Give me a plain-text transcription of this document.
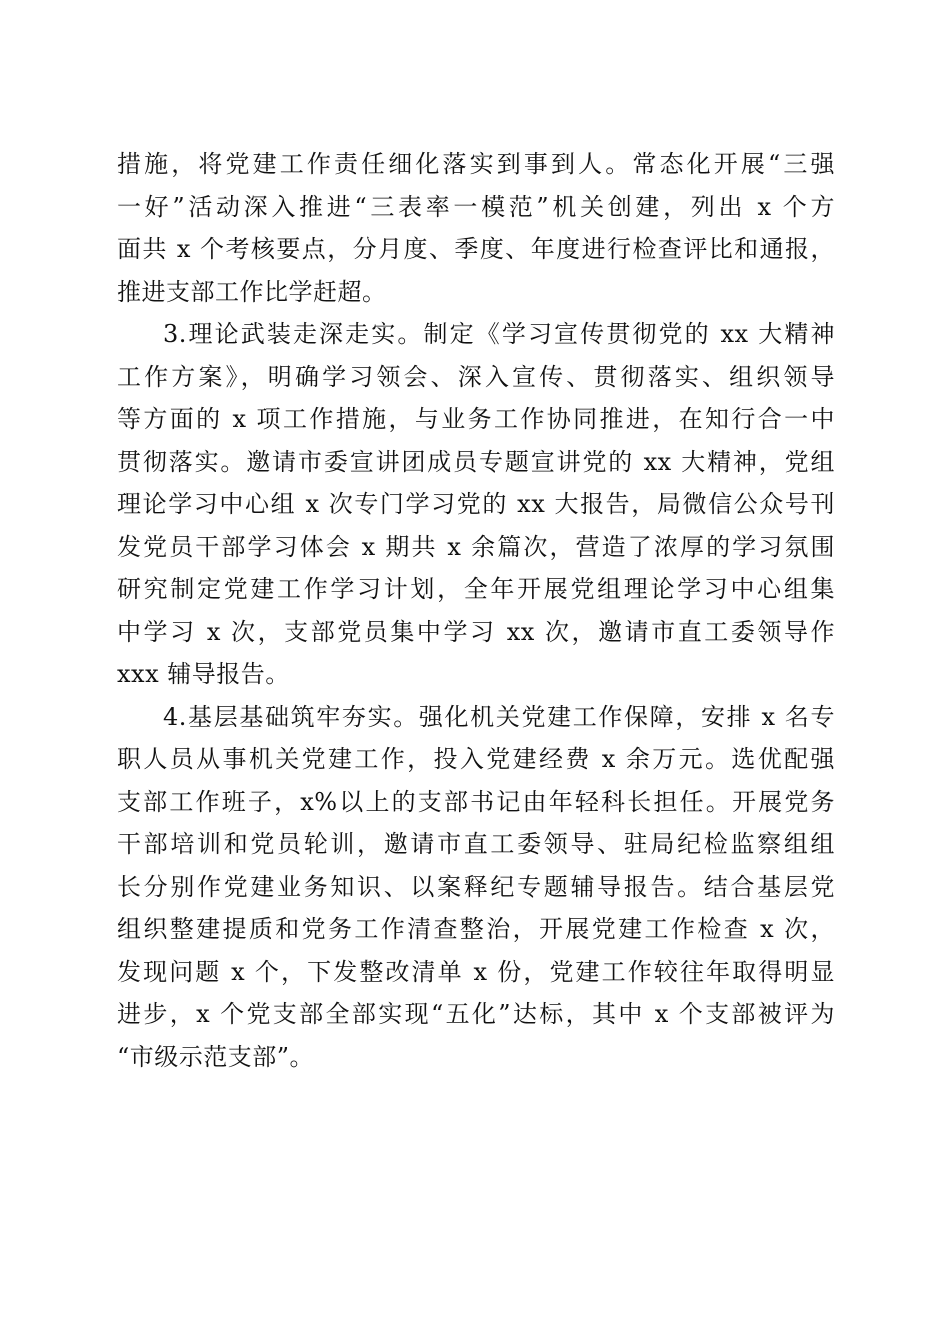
措施，将党建工作责任细化落实到事到人。常态化开展“三强
一好”活动深入推进“三表率一模范”机关创建，列出 x 个方
面共 x 个考核要点，分月度、季度、年度进行检查评比和通报，
推进支部工作比学赶超。
3.理论武装走深走实。制定《学习宣传贯彻党的 xx 大精神
工作方案》，明确学习领会、深入宣传、贯彻落实、组织领导
等方面的 x 项工作措施，与业务工作协同推进，在知行合一中
贯彻落实。邀请市委宣讲团成员专题宣讲党的 xx 大精神，党组
理论学习中心组 x 次专门学习党的 xx 大报告，局微信公众号刊
发党员干部学习体会 x 期共 x 余篇次，营造了浓厚的学习氛围
研究制定党建工作学习计划，全年开展党组理论学习中心组集
中学习 x 次，支部党员集中学习 xx 次，邀请市直工委领导作
xxx 辅导报告。
4.基层基础筑牢夯实。强化机关党建工作保障，安排 x 名专
职人员从事机关党建工作，投入党建经费 x 余万元。选优配强
支部工作班子，x%以上的支部书记由年轻科长担任。开展党务
干部培训和党员轮训，邀请市直工委领导、驻局纪检监察组组
长分别作党建业务知识、以案释纪专题辅导报告。结合基层党
组织整建提质和党务工作清查整治，开展党建工作检查 x 次，
发现问题 x 个，下发整改清单 x 份，党建工作较往年取得明显
进步，x 个党支部全部实现“五化”达标，其中 x 个支部被评为
“市级示范支部”。
